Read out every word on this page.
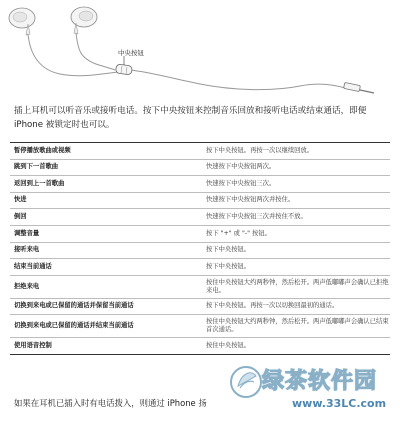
中央按钮
插上耳机可以听音乐或接听电话。按下中央按钮来控制音乐回放和接听电话或结束通话，即便 iPhone 被锁定时也可以。
暂停播放歌曲或视频	按下中央按钮。再按一次以继续回放。
跳到下一首歌曲	快速按下中央按钮两次。
返回到上一首歌曲	快速按下中央按钮三次。
快进	快速按下中央按钮两次并按住。
倒回	快速按下中央按钮三次并按住不放。
调整音量	按下 "+" 或 "-" 按钮。
接听来电	按下中央按钮。
结束当前通话	按下中央按钮。
拒绝来电	按住中央按钮大约两秒钟，然后松开。两声低嘟嘟声会确认已拒绝来电。
切换到来电或已保留的通话并保留当前通话	按下中央按钮。再按一次以切换回最初的通话。
切换到来电或已保留的通话并结束当前通话	按住中央按钮大约两秒钟，然后松开。两声低嘟嘟声会确认已结束首次通话。
使用语音控制	按住中央按钮。
如果在耳机已插入时有电话拨入，则通过 iPhone 扬
绿茶软件园
www.33LC.com
